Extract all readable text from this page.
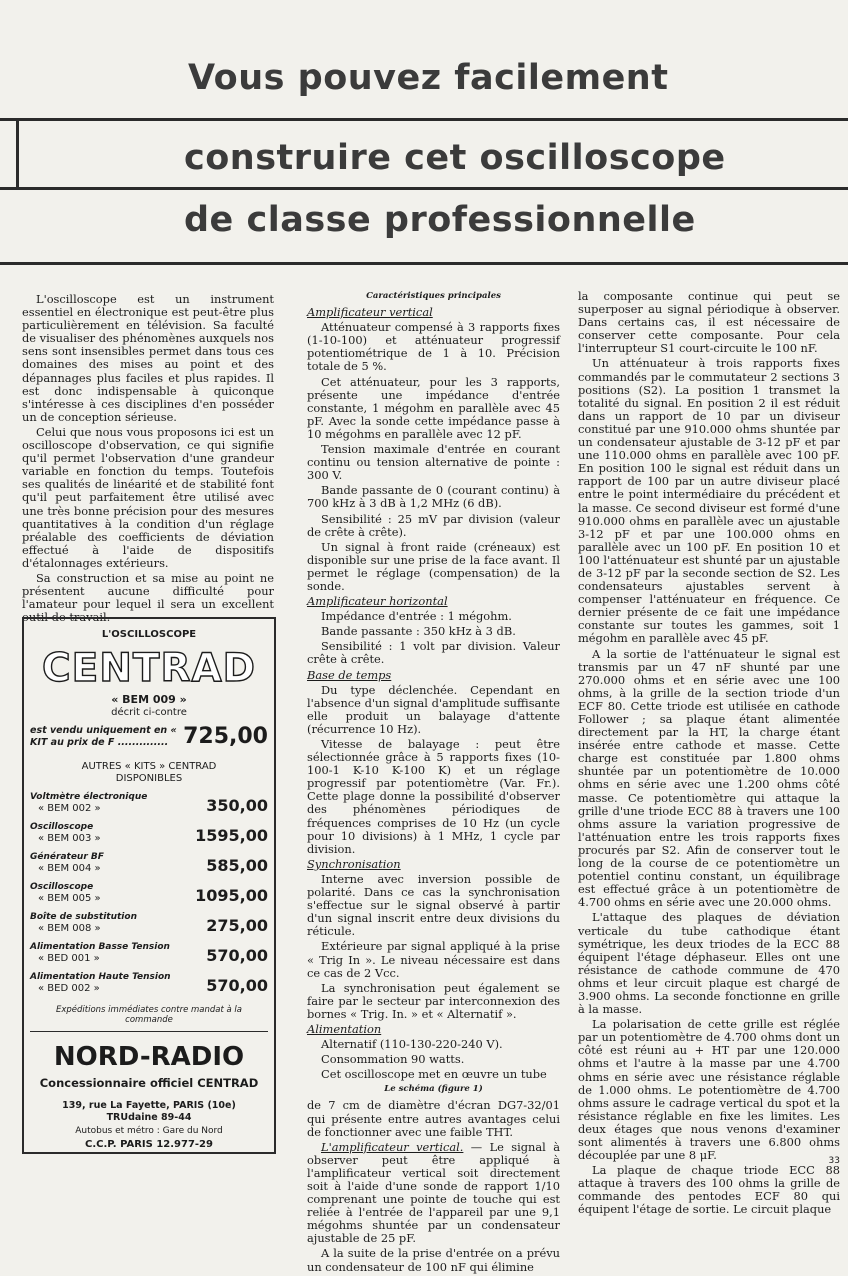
Vous pouvez facilement
construire cet oscilloscope
de classe professionnelle

L'oscilloscope est un instrument essentiel en électronique est peut-être plus particulièrement en télévision. Sa faculté de visualiser des phénomènes auxquels nos sens sont insensibles permet dans tous ces domaines des mises au point et des dépannages plus faciles et plus rapides. Il est donc indispensable à quiconque s'intéresse à ces disciplines d'en posséder un de conception sérieuse.

Celui que nous vous proposons ici est un oscilloscope d'observation, ce qui signifie qu'il permet l'observation d'une grandeur variable en fonction du temps. Toutefois ses qualités de linéarité et de stabilité font qu'il peut parfaitement être utilisé avec une très bonne précision pour des mesures quantitatives à la condition d'un réglage préalable des coefficients de déviation effectué à l'aide de dispositifs d'étalonnages extérieurs.

Sa construction et sa mise au point ne présentent aucune difficulté pour l'amateur pour lequel il sera un excellent outil de travail.

L'OSCILLOSCOPE
CENTRAD
« BEM 009 »
décrit ci-contre
est vendu uniquement en « KIT au prix de F .............. 725,00
AUTRES « KITS » CENTRAD
DISPONIBLES
Voltmètre électronique
« BEM 002 »	350,00
Oscilloscope
« BEM 003 »	1595,00
Générateur BF
« BEM 004 »	585,00
Oscilloscope
« BEM 005 »	1095,00
Boîte de substitution
« BEM 008 »	275,00
Alimentation Basse Tension
« BED 001 »	570,00
Alimentation Haute Tension
« BED 002 »	570,00
Expéditions immédiates contre mandat à la commande
NORD-RADIO
Concessionnaire officiel CENTRAD
139, rue La Fayette, PARIS (10e)
TRUdaine 89-44
Autobus et métro : Gare du Nord
C.C.P. PARIS 12.977-29
Caractéristiques principales

Amplificateur vertical

Atténuateur compensé à 3 rapports fixes (1-10-100) et atténuateur progressif potentiométrique de 1 à 10. Précision totale de 5 %.

Cet atténuateur, pour les 3 rapports, présente une impédance d'entrée constante, 1 mégohm en parallèle avec 45 pF. Avec la sonde cette impédance passe à 10 mégohms en parallèle avec 12 pF.

Tension maximale d'entrée en courant continu ou tension alternative de pointe : 300 V.

Bande passante de 0 (courant continu) à 700 kHz à 3 dB à 1,2 MHz (6 dB).

Sensibilité : 25 mV par division (valeur de crête à crête).

Un signal à front raide (créneaux) est disponible sur une prise de la face avant. Il permet le réglage (compensation) de la sonde.

Amplificateur horizontal

Impédance d'entrée : 1 mégohm.

Bande passante : 350 kHz à 3 dB.

Sensibilité : 1 volt par division. Valeur crête à crête.

Base de temps

Du type déclenchée. Cependant en l'absence d'un signal d'amplitude suffisante elle produit un balayage d'attente (récurrence 10 Hz).

Vitesse de balayage : peut être sélectionnée grâce à 5 rapports fixes (10-100-1 K-10 K-100 K) et un réglage progressif par potentiomètre (Var. Fr.). Cette plage donne la possibilité d'observer des phénomènes périodiques de fréquences comprises de 10 Hz (un cycle pour 10 divisions) à 1 MHz, 1 cycle par division.

Synchronisation

Interne avec inversion possible de polarité. Dans ce cas la synchronisation s'effectue sur le signal observé à partir d'un signal inscrit entre deux divisions du réticule.

Extérieure par signal appliqué à la prise « Trig In ». Le niveau nécessaire est dans ce cas de 2 Vcc.

La synchronisation peut également se faire par le secteur par interconnexion des bornes « Trig. In. » et « Alternatif ».

Alimentation

Alternatif (110-130-220-240 V).

Consommation 90 watts.

Cet oscilloscope met en œuvre un tube

Le schéma (figure 1)

de 7 cm de diamètre d'écran DG7-32/01 qui présente entre autres avantages celui de fonctionner avec une faible THT.

L'amplificateur vertical. — Le signal à observer peut être appliqué à l'amplificateur vertical soit directement soit à l'aide d'une sonde de rapport 1/10 comprenant une pointe de touche qui est reliée à l'entrée de l'appareil par une 9,1 mégohms shuntée par un condensateur ajustable de 25 pF.

A la suite de la prise d'entrée on a prévu un condensateur de 100 nF qui élimine

la composante continue qui peut se superposer au signal périodique à observer. Dans certains cas, il est nécessaire de conserver cette composante. Pour cela l'interrupteur S1 court-circuite le 100 nF.

Un atténuateur à trois rapports fixes commandés par le commutateur 2 sections 3 positions (S2). La position 1 transmet la totalité du signal. En position 2 il est réduit dans un rapport de 10 par un diviseur constitué par une 910.000 ohms shuntée par un condensateur ajustable de 3-12 pF et par une 110.000 ohms en parallèle avec 100 pF. En position 100 le signal est réduit dans un rapport de 100 par un autre diviseur placé entre le point intermédiaire du précédent et la masse. Ce second diviseur est formé d'une 910.000 ohms en parallèle avec un ajustable 3-12 pF et par une 100.000 ohms en parallèle avec un 100 pF. En position 10 et 100 l'atténuateur est shunté par un ajustable de 3-12 pF par la seconde section de S2. Les condensateurs ajustables servent à compenser l'atténuateur en fréquence. Ce dernier présente de ce fait une impédance constante sur toutes les gammes, soit 1 mégohm en parallèle avec 45 pF.

A la sortie de l'atténuateur le signal est transmis par un 47 nF shunté par une 270.000 ohms et en série avec une 100 ohms, à la grille de la section triode d'un ECF 80. Cette triode est utilisée en cathode Follower ; sa plaque étant alimentée directement par la HT, la charge étant insérée entre cathode et masse. Cette charge est constituée par 1.800 ohms shuntée par un potentiomètre de 10.000 ohms en série avec une 1.200 ohms côté masse. Ce potentiomètre qui attaque la grille d'une triode ECC 88 à travers une 100 ohms assure la variation progressive de l'atténuation entre les trois rapports fixes procurés par S2. Afin de conserver tout le long de la course de ce potentiomètre un potentiel continu constant, un équilibrage est effectué grâce à un potentiomètre de 4.700 ohms en série avec une 20.000 ohms.

L'attaque des plaques de déviation verticale du tube cathodique étant symétrique, les deux triodes de la ECC 88 équipent l'étage déphaseur. Elles ont une résistance de cathode commune de 470 ohms et leur circuit plaque est chargé de 3.900 ohms. La seconde fonctionne en grille à la masse.

La polarisation de cette grille est réglée par un potentiomètre de 4.700 ohms dont un côté est réuni au + HT par une 120.000 ohms et l'autre à la masse par une 4.700 ohms en série avec une résistance réglable de 1.000 ohms. Le potentiomètre de 4.700 ohms assure le cadrage vertical du spot et la résistance réglable en fixe les limites. Les deux étages que nous venons d'examiner sont alimentés à travers une 6.800 ohms découplée par une 8 μF.

La plaque de chaque triode ECC 88 attaque à travers des 100 ohms la grille de commande des pentodes ECF 80 qui équipent l'étage de sortie. Le circuit plaque

33
